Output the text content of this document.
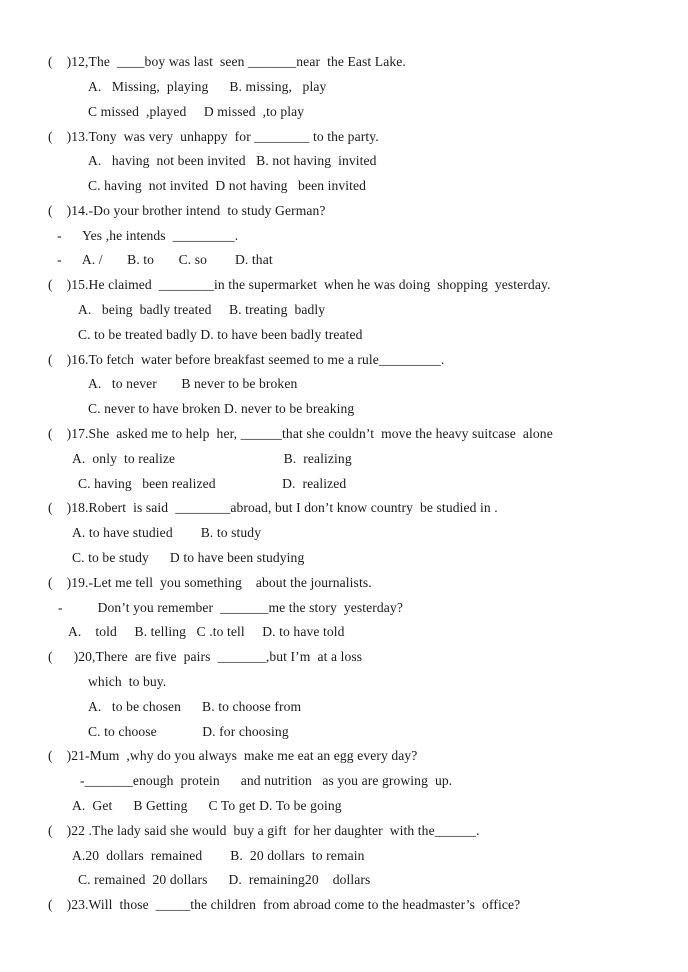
(    )12,The  ____boy was last  seen _______near  the East Lake.
A.   Missing,  playing      B. missing,   play
C missed  ,played     D missed  ,to play
(    )13.Tony  was very  unhappy  for ________ to the party.
A.   having  not been invited   B. not having  invited
C. having  not invited  D not having   been invited
(    )14.-Do your brother intend  to study German?
-      Yes ,he intends  _________.
-      A. /       B. to       C. so        D. that
(    )15.He claimed  ________in the supermarket  when he was doing  shopping  yesterday.
A.   being  badly treated     B. treating  badly
C. to be treated badly D. to have been badly treated
(    )16.To fetch  water before breakfast seemed to me a rule_________.
A.   to never       B never to be broken
C. never to have broken D. never to be breaking
(    )17.She  asked me to help  her, ______that she couldn’t  move the heavy suitcase  alone
A.  only  to realize                               B.  realizing
C. having   been realized                   D.  realized
(    )18.Robert  is said  ________abroad, but I don’t know country  be studied in .
A. to have studied        B. to study
C. to be study      D to have been studying
(    )19.-Let me tell  you something    about the journalists.
-          Don’t you remember  _______me the story  yesterday?
A.    told     B. telling   C .to tell     D. to have told
(      )20,There  are five  pairs  _______,but I’m  at a loss
which  to buy.
A.   to be chosen      B. to choose from
C. to choose             D. for choosing
(    )21-Mum  ,why do you always  make me eat an egg every day?
-_______enough  protein      and nutrition   as you are growing  up.
A.  Get      B Getting      C To get D. To be going
(    )22 .The lady said she would  buy a gift  for her daughter  with the______.
A.20  dollars  remained        B.  20 dollars  to remain
C. remained  20 dollars      D.  remaining20    dollars
(    )23.Will  those  _____the children  from abroad come to the headmaster’s  office?
